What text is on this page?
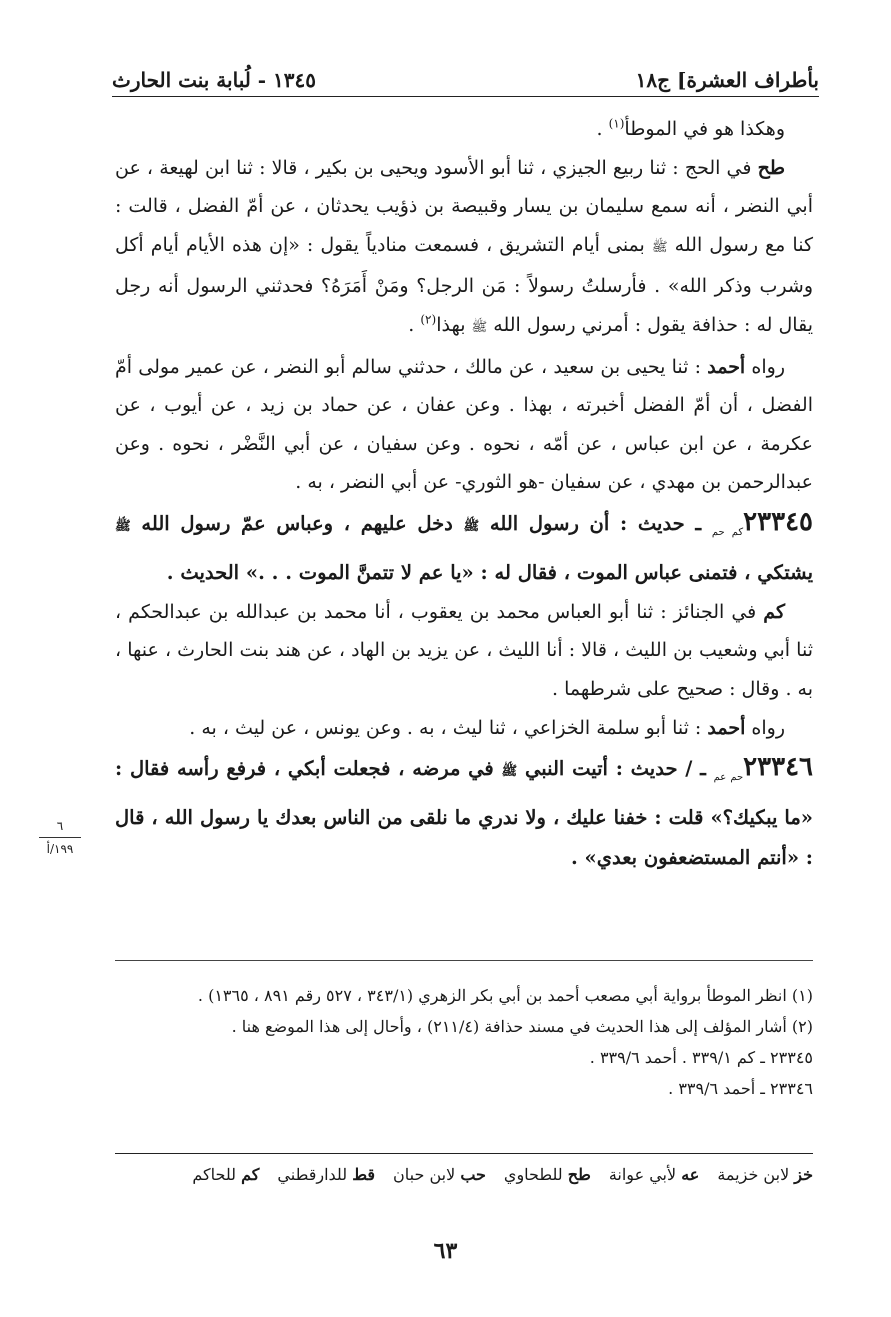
بأطراف العشرة] ج١٨
١٣٤٥ - لُبابة بنت الحارث

وهكذا هو في الموطأ$^{(١)}$ .

طح في الحج : ثنا ربيع الجيزي ، ثنا أبو الأسود ويحيى بن بكير ، قالا : ثنا ابن لهيعة ، عن أبي النضر ، أنه سمع سليمان بن يسار وقبيصة بن ذؤيب يحدثان ، عن أمّ الفضل ، قالت : كنا مع رسول الله ﷺ بمنى أيام التشريق ، فسمعت منادياً يقول : «إن هذه الأيام أيام أكل وشرب وذكر الله» . فأرسلتُ رسولاً : مَن الرجل؟ ومَنْ أَمَرَهُ؟ فحدثني الرسول أنه رجل يقال له : حذافة يقول : أمرني رسول الله ﷺ بهذا$^{(٢)}$ .

رواه أحمد : ثنا يحيى بن سعيد ، عن مالك ، حدثني سالم أبو النضر ، عن عمير مولى أمّ الفضل ، أن أمّ الفضل أخبرته ، بهذا . وعن عفان ، عن حماد بن زيد ، عن أيوب ، عن عكرمة ، عن ابن عباس ، عن أمّه ، نحوه . وعن سفيان ، عن أبي النَّضْر ، نحوه . وعن عبدالرحمن بن مهدي ، عن سفيان -هو الثوري- عن أبي النضر ، به .

$٢٣٣٤٥_{كم حم}$ ـ حديث : أن رسول الله ﷺ دخل عليهم ، وعباس عمّ رسول الله ﷺ يشتكي ، فتمنى عباس الموت ، فقال له : «يا عم لا تتمنَّ الموت . . .» الحديث .

كم في الجنائز : ثنا أبو العباس محمد بن يعقوب ، أنا محمد بن عبدالله بن عبدالحكم ، ثنا أبي وشعيب بن الليث ، قالا : أنا الليث ، عن يزيد بن الهاد ، عن هند بنت الحارث ، عنها ، به . وقال : صحيح على شرطهما .

رواه أحمد : ثنا أبو سلمة الخزاعي ، ثنا ليث ، به . وعن يونس ، عن ليث ، به .

$٢٣٣٤٦_{حم عم}$ ـ / حديث : أتيت النبي ﷺ في مرضه ، فجعلت أبكي ، فرفع رأسه فقال : «ما يبكيك؟» قلت : خفنا عليك ، ولا ندري ما نلقى من الناس بعدك يا رسول الله ، قال : «أنتم المستضعفون بعدي» .

٦
١٩٩/أ

(١) انظر الموطأ برواية أبي مصعب أحمد بن أبي بكر الزهري (٣٤٣/١ ، ٥٢٧ رقم ٨٩١ ، ١٣٦٥) .

(٢) أشار المؤلف إلى هذا الحديث في مسند حذافة (٢١١/٤) ، وأحال إلى هذا الموضع هنا .

٢٣٣٤٥ ـ كم ٣٣٩/١ . أحمد ٣٣٩/٦ .

٢٣٣٤٦ ـ أحمد ٣٣٩/٦ .

خز لابن خزيمة
عه لأبي عوانة
طح للطحاوي
حب لابن حبان
قط للدارقطني
كم للحاكم
٦٣
